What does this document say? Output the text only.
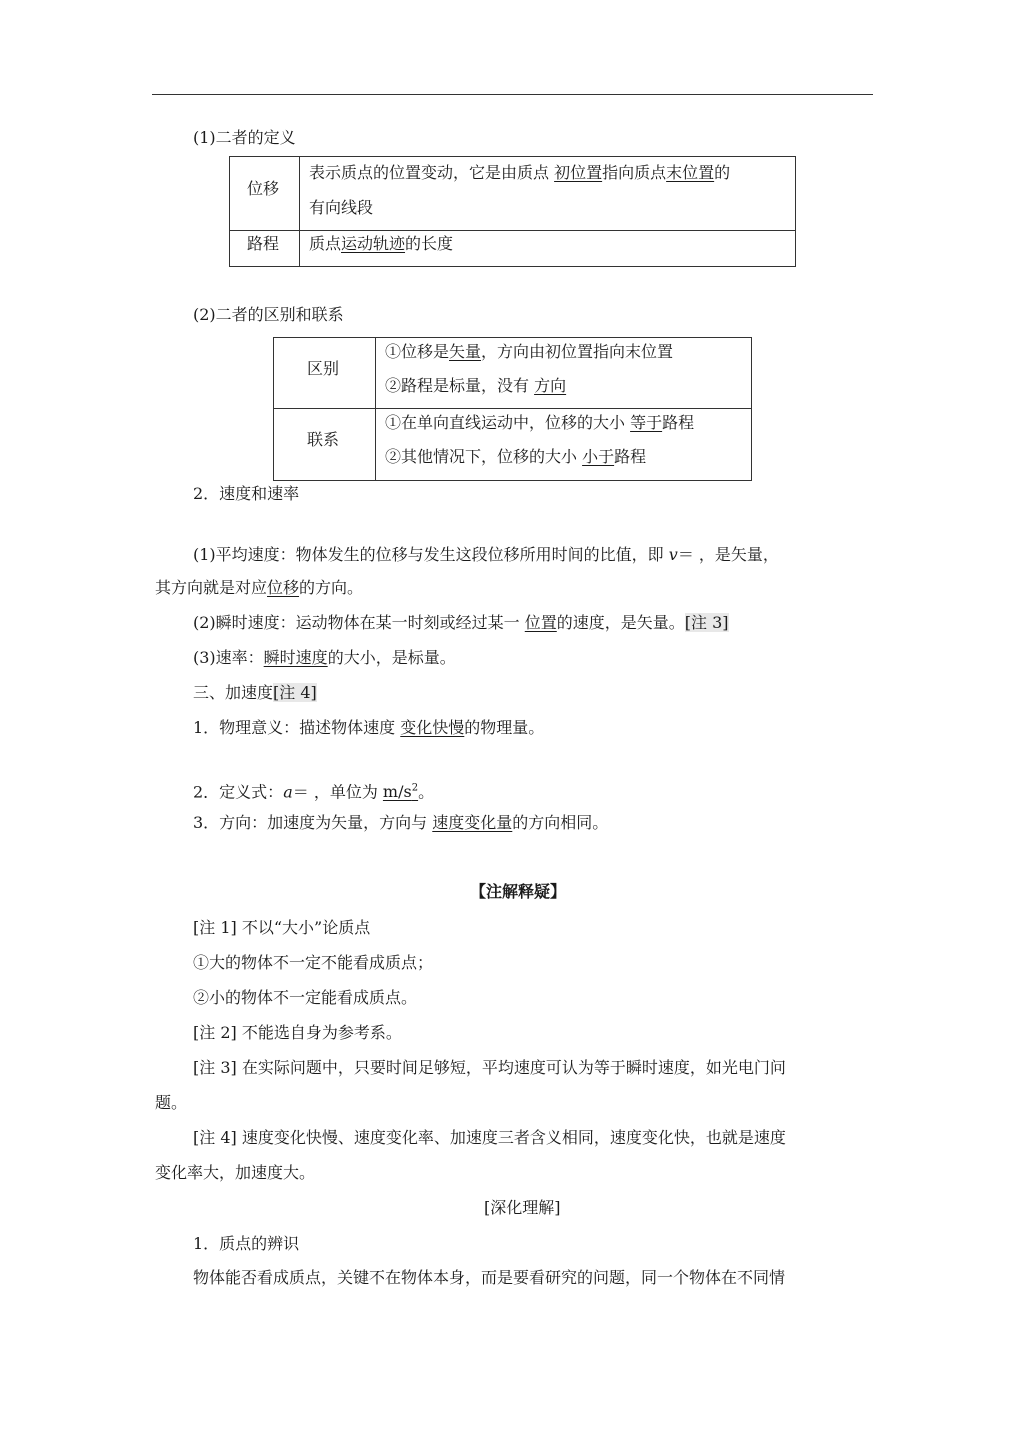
(1)二者的定义
位移
表示质点的位置变动，它是由质点 初位置指向质点末位置的
有向线段
路程 质点运动轨迹的长度
(2)二者的区别和联系
区别
①位移是矢量，方向由初位置指向末位置
②路程是标量，没有 方向
联系
①在单向直线运动中，位移的大小 等于路程
②其他情况下，位移的大小 小于路程
2．速度和速率
(1)平均速度：物体发生的位移与发生这段位移所用时间的比值，即 v＝ ，是矢量，
其方向就是对应位移的方向。
(2)瞬时速度：运动物体在某一时刻或经过某一 位置的速度，是矢量。[注 3]
(3)速率：瞬时速度的大小，是标量。
三、加速度[注 4]
1．物理意义：描述物体速度 变化快慢的物理量。
2．定义式：a＝ ，单位为 $m/s^2$。
3．方向：加速度为矢量，方向与 速度变化量的方向相同。
【注解释疑】
[注 1] 不以“大小”论质点
①大的物体不一定不能看成质点；
②小的物体不一定能看成质点。
[注 2] 不能选自身为参考系。
[注 3] 在实际问题中，只要时间足够短，平均速度可认为等于瞬时速度，如光电门问
题。
[注 4] 速度变化快慢、速度变化率、加速度三者含义相同，速度变化快，也就是速度
变化率大，加速度大。
[深化理解]
1．质点的辨识
物体能否看成质点，关键不在物体本身，而是要看研究的问题，同一个物体在不同情
